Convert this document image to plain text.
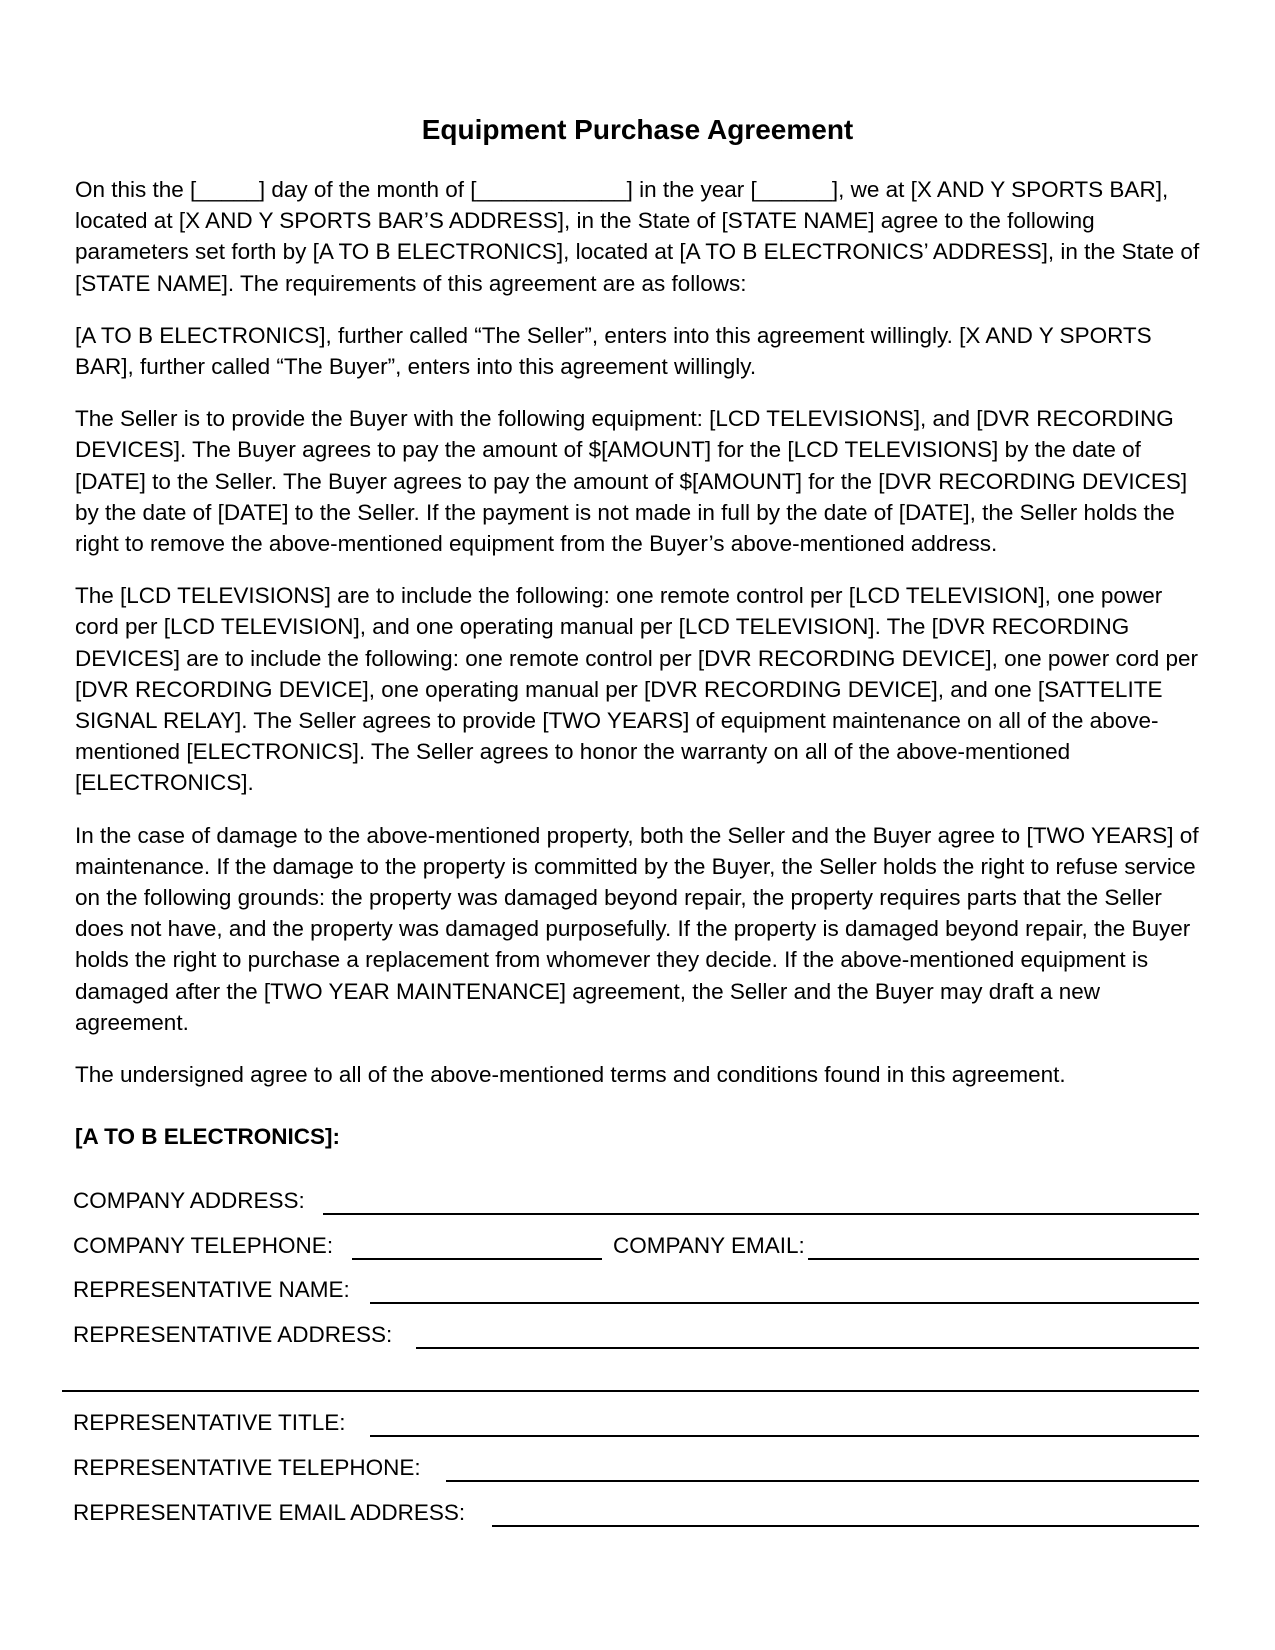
Equipment Purchase Agreement

On this the [_____] day of the month of [____________] in the year [______], we at [X AND Y SPORTS BAR], located at [X AND Y SPORTS BAR’S ADDRESS], in the State of [STATE NAME] agree to the following parameters set forth by [A TO B ELECTRONICS], located at [A TO B ELECTRONICS’ ADDRESS], in the State of [STATE NAME]. The requirements of this agreement are as follows:

[A TO B ELECTRONICS], further called “The Seller”, enters into this agreement willingly. [X AND Y SPORTS BAR], further called “The Buyer”, enters into this agreement willingly.

The Seller is to provide the Buyer with the following equipment: [LCD TELEVISIONS], and [DVR RECORDING DEVICES]. The Buyer agrees to pay the amount of $[AMOUNT] for the [LCD TELEVISIONS] by the date of [DATE] to the Seller. The Buyer agrees to pay the amount of $[AMOUNT] for the [DVR RECORDING DEVICES] by the date of [DATE] to the Seller. If the payment is not made in full by the date of [DATE], the Seller holds the right to remove the above-mentioned equipment from the Buyer’s above-mentioned address.

The [LCD TELEVISIONS] are to include the following: one remote control per [LCD TELEVISION], one power cord per [LCD TELEVISION], and one operating manual per [LCD TELEVISION]. The [DVR RECORDING DEVICES] are to include the following: one remote control per [DVR RECORDING DEVICE], one power cord per [DVR RECORDING DEVICE], one operating manual per [DVR RECORDING DEVICE], and one [SATTELITE SIGNAL RELAY]. The Seller agrees to provide [TWO YEARS] of equipment maintenance on all of the above-mentioned [ELECTRONICS]. The Seller agrees to honor the warranty on all of the above-mentioned [ELECTRONICS].

In the case of damage to the above-mentioned property, both the Seller and the Buyer agree to [TWO YEARS] of maintenance. If the damage to the property is committed by the Buyer, the Seller holds the right to refuse service on the following grounds: the property was damaged beyond repair, the property requires parts that the Seller does not have, and the property was damaged purposefully. If the property is damaged beyond repair, the Buyer holds the right to purchase a replacement from whomever they decide. If the above-mentioned equipment is damaged after the [TWO YEAR MAINTENANCE] agreement, the Seller and the Buyer may draft a new agreement.

The undersigned agree to all of the above-mentioned terms and conditions found in this agreement.

[A TO B ELECTRONICS]:
COMPANY ADDRESS:
COMPANY TELEPHONE:	COMPANY EMAIL:
REPRESENTATIVE NAME:
REPRESENTATIVE ADDRESS:
REPRESENTATIVE TITLE:
REPRESENTATIVE TELEPHONE:
REPRESENTATIVE EMAIL ADDRESS:
